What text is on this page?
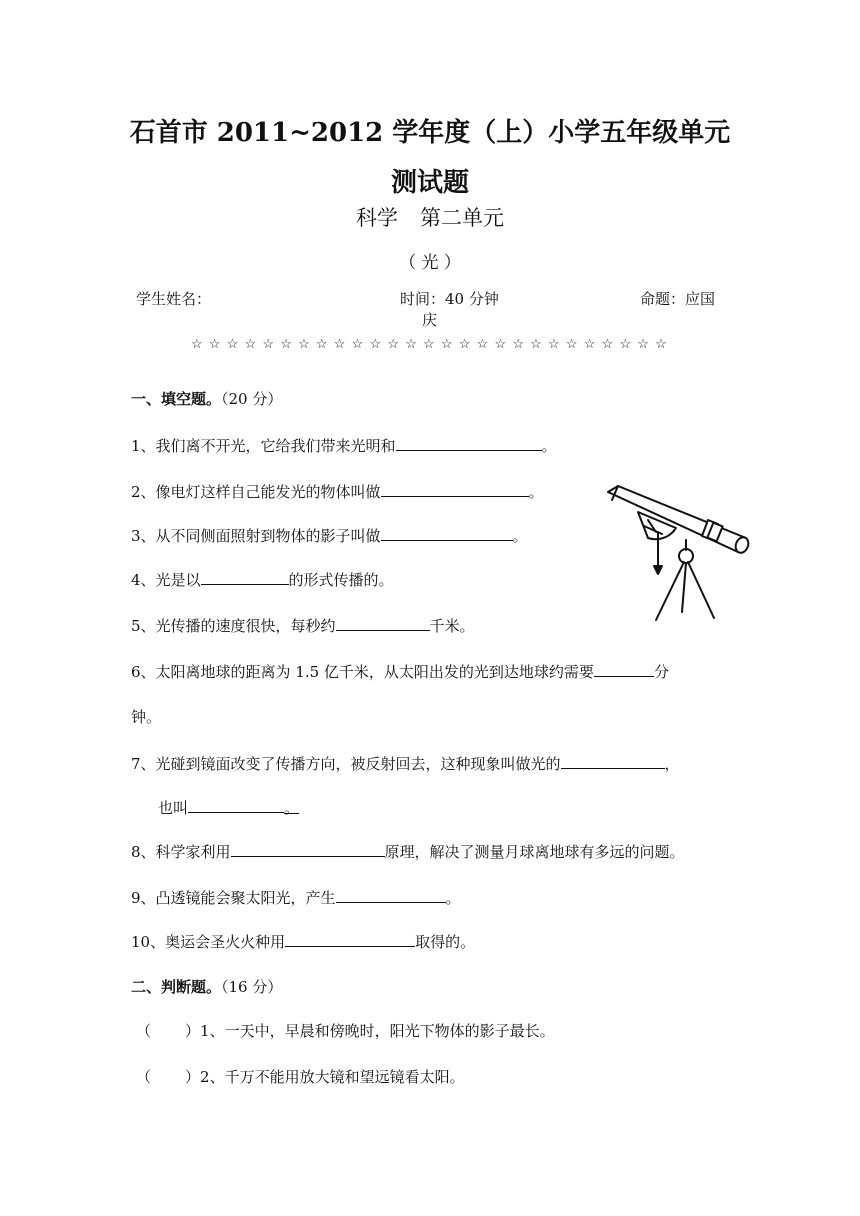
石首市 2011~2012 学年度（上）小学五年级单元测试题
科学 第二单元
（ 光 ）
学生姓名：	时间：40 分钟	命题：应国
庆
☆☆☆☆☆☆☆☆☆☆☆☆☆☆☆☆☆☆☆☆☆☆☆☆☆☆☆
一、填空题。（20 分）
1、我们离不开光，它给我们带来光明和	。
2、像电灯这样自己能发光的物体叫做	。
3、从不同侧面照射到物体的影子叫做	。
4、光是以	的形式传播的。
5、光传播的速度很快，每秒约	千米。
6、太阳离地球的距离为 1.5 亿千米，从太阳出发的光到达地球约需要	分
钟。
7、光碰到镜面改变了传播方向，被反射回去，这种现象叫做光的	，
也叫	。
8、科学家利用	原理，解决了测量月球离地球有多远的问题。
9、凸透镜能会聚太阳光，产生	。
10、奥运会圣火火种用	取得的。
二、判断题。（16 分）
（ ）1、一天中，早晨和傍晚时，阳光下物体的影子最长。
（ ）2、千万不能用放大镜和望远镜看太阳。
